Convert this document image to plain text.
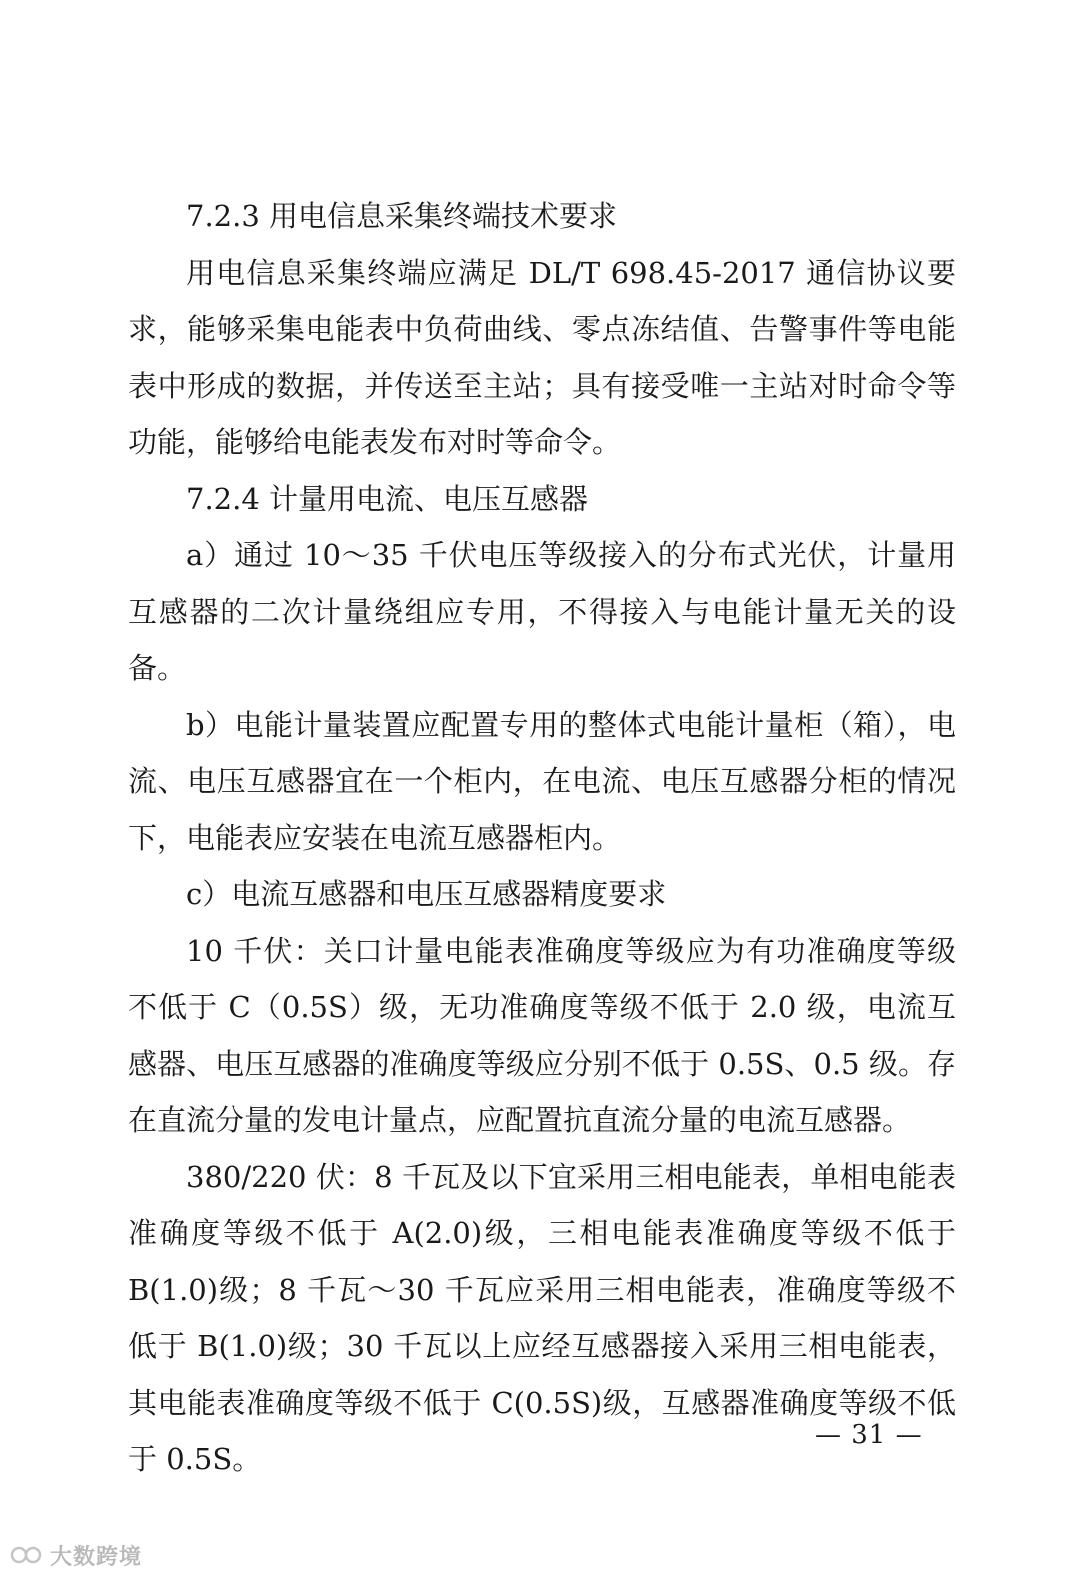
7.2.3 用电信息采集终端技术要求

用电信息采集终端应满足 DL/T 698.45-2017 通信协议要求，能够采集电能表中负荷曲线、零点冻结值、告警事件等电能表中形成的数据，并传送至主站；具有接受唯一主站对时命令等功能，能够给电能表发布对时等命令。

7.2.4 计量用电流、电压互感器

a）通过 10～35 千伏电压等级接入的分布式光伏，计量用互感器的二次计量绕组应专用，不得接入与电能计量无关的设备。

b）电能计量装置应配置专用的整体式电能计量柜（箱），电流、电压互感器宜在一个柜内，在电流、电压互感器分柜的情况下，电能表应安装在电流互感器柜内。

c）电流互感器和电压互感器精度要求

10 千伏：关口计量电能表准确度等级应为有功准确度等级不低于 C（0.5S）级，无功准确度等级不低于 2.0 级，电流互感器、电压互感器的准确度等级应分别不低于 0.5S、0.5 级。存在直流分量的发电计量点，应配置抗直流分量的电流互感器。

380/220 伏：8 千瓦及以下宜采用三相电能表，单相电能表准确度等级不低于 A(2.0)级，三相电能表准确度等级不低于 B(1.0)级；8 千瓦～30 千瓦应采用三相电能表，准确度等级不低于 B(1.0)级；30 千瓦以上应经互感器接入采用三相电能表，其电能表准确度等级不低于 C(0.5S)级，互感器准确度等级不低于 0.5S。

— 31 —
大数跨境
